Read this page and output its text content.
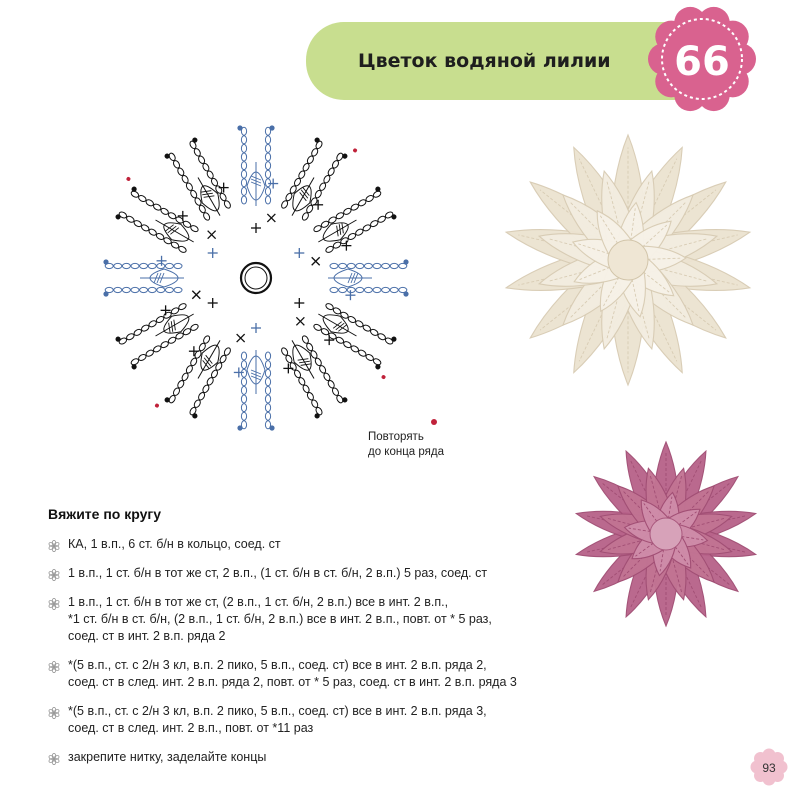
Цветок водяной лилии 66
Повторять
до конца ряда
Вяжите по кругу
КА, 1 в.п., 6 ст. б/н в кольцо, соед. ст
1 в.п., 1 ст. б/н в тот же ст, 2 в.п., (1 ст. б/н в ст. б/н, 2 в.п.) 5 раз, соед. ст
1 в.п., 1 ст. б/н в тот же ст, (2 в.п., 1 ст. б/н, 2 в.п.) все в инт. 2 в.п.,
*1 ст. б/н в ст. б/н, (2 в.п., 1 ст. б/н, 2 в.п.) все в инт. 2 в.п., повт. от * 5 раз,
соед. ст в инт. 2 в.п. ряда 2
*(5 в.п., ст. с 2/н 3 кл, в.п. 2 пико, 5 в.п., соед. ст) все в инт. 2 в.п. ряда 2,
соед. ст в след. инт. 2 в.п. ряда 2, повт. от * 5 раз, соед. ст в инт. 2 в.п. ряда 3
*(5 в.п., ст. с 2/н 3 кл, в.п. 2 пико, 5 в.п., соед. ст) все в инт. 2 в.п. ряда 3,
соед. ст в след. инт. 2 в.п., повт. от *11 раз
закрепите нитку, заделайте концы
93
